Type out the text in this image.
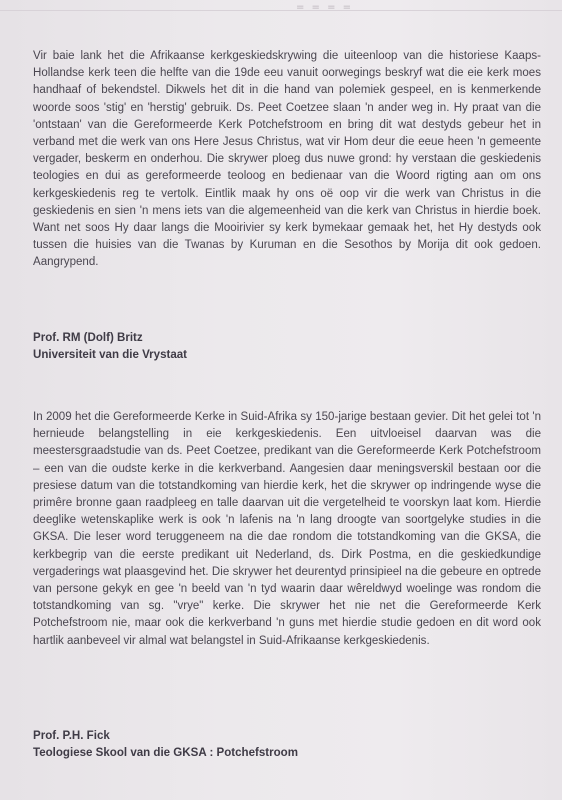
= = = =

Vir baie lank het die Afrikaanse kerkgeskiedskrywing die uiteenloop van die historiese Kaaps-Hollandse kerk teen die helfte van die 19de eeu vanuit oorwegings beskryf wat die eie kerk moes handhaaf of bekendstel. Dikwels het dit in die hand van polemiek gespeel, en is kenmerkende woorde soos 'stig' en 'herstig' gebruik. Ds. Peet Coetzee slaan 'n ander weg in. Hy praat van die 'ontstaan' van die Gereformeerde Kerk Potchefstroom en bring dit wat destyds gebeur het in verband met die werk van ons Here Jesus Christus, wat vir Hom deur die eeue heen 'n gemeente vergader, beskerm en onderhou. Die skrywer ploeg dus nuwe grond: hy verstaan die geskiedenis teologies en dui as gereformeerde teoloog en bedienaar van die Woord rigting aan om ons kerkgeskiedenis reg te vertolk. Eintlik maak hy ons oë oop vir die werk van Christus in die geskiedenis en sien 'n mens iets van die algemeenheid van die kerk van Christus in hierdie boek. Want net soos Hy daar langs die Mooirivier sy kerk bymekaar gemaak het, het Hy destyds ook tussen die huisies van die Twanas by Kuruman en die Sesothos by Morija dit ook gedoen. Aangrypend.

Prof. RM (Dolf) Britz
Universiteit van die Vrystaat

In 2009 het die Gereformeerde Kerke in Suid-Afrika sy 150-jarige bestaan gevier. Dit het gelei tot 'n hernieude belangstelling in eie kerkgeskiedenis. Een uitvloeisel daarvan was die meestersgraadstudie van ds. Peet Coetzee, predikant van die Gereformeerde Kerk Potchefstroom – een van die oudste kerke in die kerkverband. Aangesien daar meningsverskil bestaan oor die presiese datum van die totstandkoming van hierdie kerk, het die skrywer op indringende wyse die primêre bronne gaan raadpleeg en talle daarvan uit die vergetelheid te voorskyn laat kom. Hierdie deeglike wetenskaplike werk is ook 'n lafenis na 'n lang droogte van soortgelyke studies in die GKSA. Die leser word teruggeneem na die dae rondom die totstandkoming van die GKSA, die kerkbegrip van die eerste predikant uit Nederland, ds. Dirk Postma, en die geskiedkundige vergaderings wat plaasgevind het. Die skrywer het deurentyd prinsipieel na die gebeure en optrede van persone gekyk en gee 'n beeld van 'n tyd waarin daar wêreldwyd woelinge was rondom die totstandkoming van sg. "vrye" kerke. Die skrywer het nie net die Gereformeerde Kerk Potchefstroom nie, maar ook die kerkverband 'n guns met hierdie studie gedoen en dit word ook hartlik aanbeveel vir almal wat belangstel in Suid-Afrikaanse kerkgeskiedenis.

Prof. P.H. Fick
Teologiese Skool van die GKSA : Potchefstroom
